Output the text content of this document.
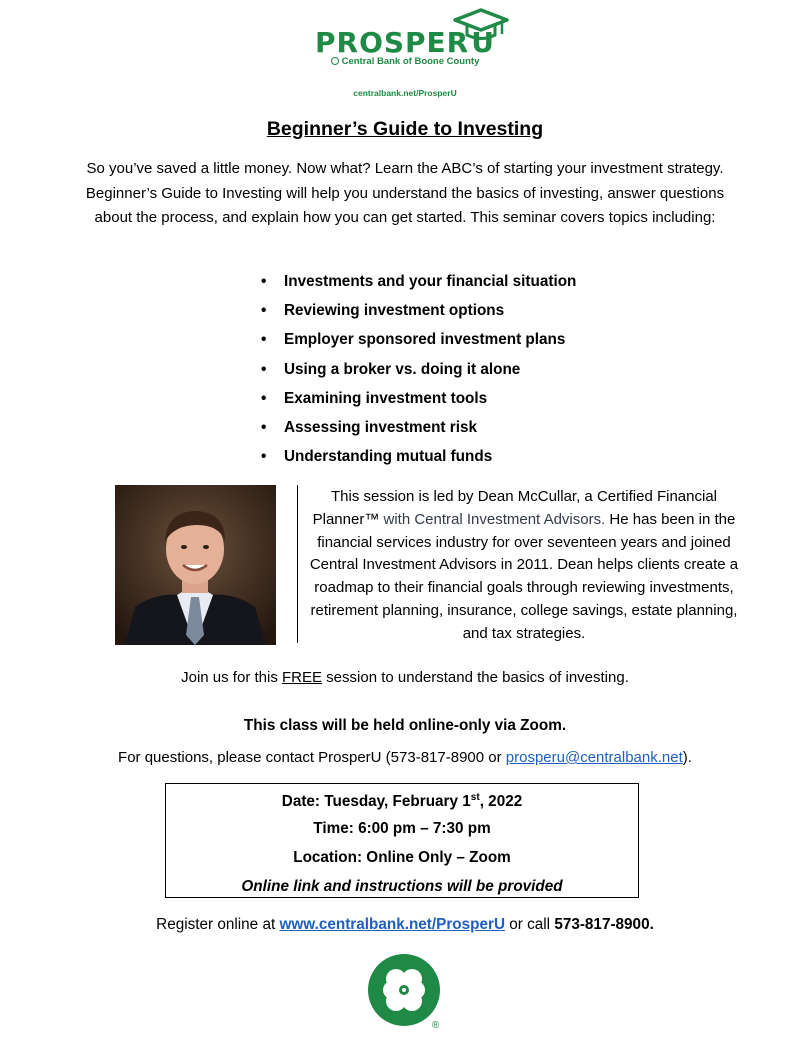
PROSPERU
Central Bank of Boone County
centralbank.net/ProsperU
Beginner’s Guide to Investing
So you’ve saved a little money. Now what? Learn the ABC’s of starting your investment strategy. Beginner’s Guide to Investing will help you understand the basics of investing, answer questions about the process, and explain how you can get started. This seminar covers topics including:
• Investments and your financial situation
• Reviewing investment options
• Employer sponsored investment plans
• Using a broker vs. doing it alone
• Examining investment tools
• Assessing investment risk
• Understanding mutual funds
This session is led by Dean McCullar, a Certified Financial Planner™ with Central Investment Advisors. He has been in the financial services industry for over seventeen years and joined Central Investment Advisors in 2011. Dean helps clients create a roadmap to their financial goals through reviewing investments, retirement planning, insurance, college savings, estate planning, and tax strategies.
Join us for this FREE session to understand the basics of investing.
This class will be held online-only via Zoom.
For questions, please contact ProsperU (573-817-8900 or prosperu@centralbank.net).
Date: Tuesday, February 1st, 2022
Time: 6:00 pm – 7:30 pm
Location: Online Only – Zoom
Online link and instructions will be provided
Register online at www.centralbank.net/ProsperU or call 573-817-8900.
®
